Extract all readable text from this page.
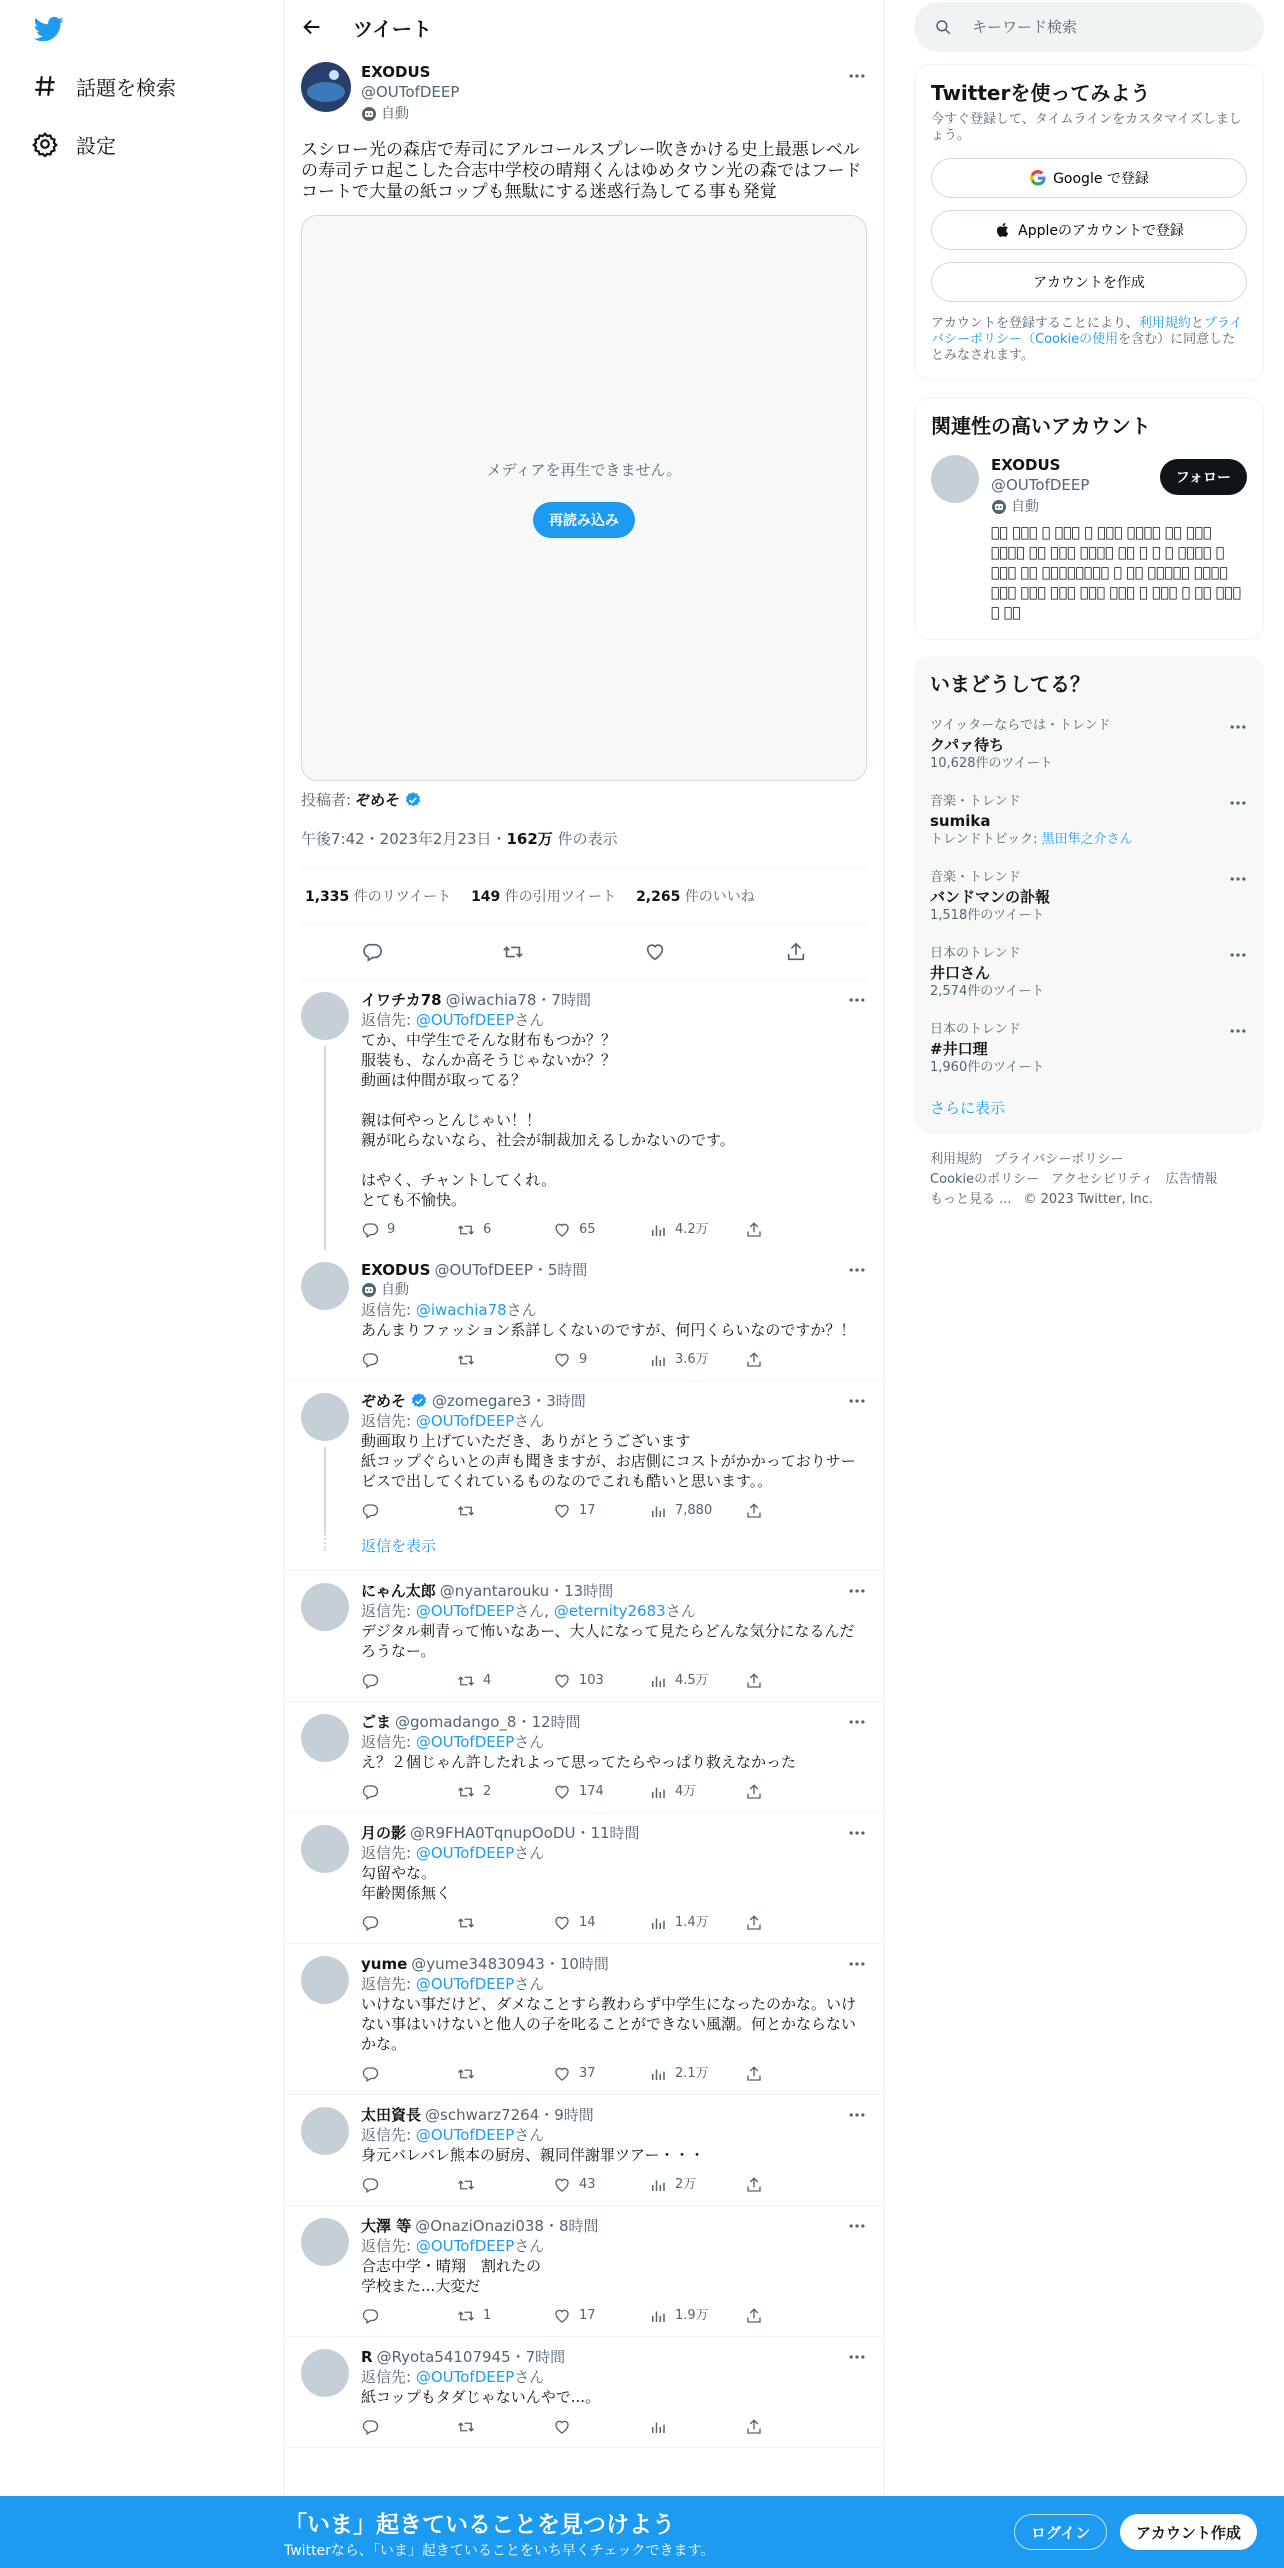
話題を検索
設定
ツイート
EXODUS
@OUTofDEEP
自動
スシロー光の森店で寿司にアルコールスプレー吹きかける史上最悪レベルの寿司テロ起こした合志中学校の晴翔くんはゆめタウン光の森ではフードコートで大量の紙コップも無駄にする迷惑行為してる事も発覚
メディアを再生できません。
再読み込み
投稿者: ぞめそ
午後7:42・2023年2月23日・162万 件の表示
1,335 件のリツイート 149 件の引用ツイート 2,265 件のいいね
イワチカ78 @iwachia78 ・7時間
返信先: @OUTofDEEPさん
てか、中学生でそんな財布もつか？？
服装も、なんか高そうじゃないか？？
動画は仲間が取ってる？

親は何やっとんじゃい！！
親が叱らないなら、社会が制裁加えるしかないのです。

はやく、チャントしてくれ。
とても不愉快。
9	6	65	4.2万
EXODUS @OUTofDEEP ・5時間
自動
返信先: @iwachia78さん
あんまりファッション系詳しくないのですが、何円くらいなのですか？！
9	3.6万
ぞめそ @zomegare3 ・3時間
返信先: @OUTofDEEPさん
動画取り上げていただき、ありがとうございます
紙コップぐらいとの声も聞きますが、お店側にコストがかかっておりサービスで出してくれているものなのでこれも酷いと思います。。
17	7,880
返信を表示
にゃん太郎 @nyantarouku ・13時間
返信先: @OUTofDEEPさん, @eternity2683さん
デジタル刺青って怖いなあー、大人になって見たらどんな気分になるんだろうなー。
4	103	4.5万
ごま @gomadango_8 ・12時間
返信先: @OUTofDEEPさん
え？２個じゃん許したれよって思ってたらやっぱり救えなかった
2	174	4万
月の影 @R9FHA0TqnupOoDU ・11時間
返信先: @OUTofDEEPさん
勾留やな。
年齢関係無く
14	1.4万
yume @yume34830943 ・10時間
返信先: @OUTofDEEPさん
いけない事だけど、ダメなことすら教わらず中学生になったのかな。いけない事はいけないと他人の子を叱ることができない風潮。何とかならないかな。
37	2.1万
太田資長 @schwarz7264 ・9時間
返信先: @OUTofDEEPさん
身元バレバレ熊本の厨房、親同伴謝罪ツアー・・・
43	2万
大澤 等 @OnaziOnazi038 ・8時間
返信先: @OUTofDEEPさん
合志中学・晴翔　割れたの
学校また...大変だ
1	17	1.9万
R @Ryota54107945 ・7時間
返信先: @OUTofDEEPさん
紙コップもタダじゃないんやで...。
キーワード検索
Twitterを使ってみよう
今すぐ登録して、タイムラインをカスタマイズしましょう。
Google で登録
Appleのアカウントで登録
アカウントを作成
アカウントを登録することにより、利用規約とプライバシーポリシー（Cookieの使用を含む）に同意したとみなされます。
関連性の高いアカウント
EXODUS
@OUTofDEEP
自動
フォロー
􀀀􀀀 􀀀􀀀􀀀 􀀀 􀀀􀀀􀀀 􀀀 􀀀􀀀􀀀 􀀀􀀀􀀀􀀀 􀀀􀀀 􀀀􀀀􀀀 􀀀􀀀􀀀􀀀 􀀀􀀀 􀀀􀀀􀀀 􀀀􀀀􀀀􀀀 􀀀􀀀 􀀀 􀀀 􀀀 􀀀􀀀􀀀􀀀 􀀀 􀀀􀀀􀀀 􀀀􀀀 􀀀􀀀􀀀􀀀􀀀􀀀􀀀􀀀 􀀀 􀀀􀀀 􀀀􀀀􀀀􀀀􀀀 􀀀􀀀􀀀􀀀 􀀀􀀀􀀀 􀀀􀀀􀀀 􀀀􀀀􀀀 􀀀􀀀􀀀 􀀀􀀀􀀀 􀀀 􀀀􀀀􀀀 􀀀 􀀀􀀀 􀀀􀀀􀀀 􀀀 􀀀􀀀
いまどうしてる？
ツイッターならでは・トレンド
クパァ待ち
10,628件のツイート
音楽・トレンド
sumika
トレンドトピック: 黒田隼之介さん
音楽・トレンド
バンドマンの訃報
1,518件のツイート
日本のトレンド
井口さん
2,574件のツイート
日本のトレンド
#井口理
1,960件のツイート
さらに表示
利用規約 プライバシーポリシー
Cookieのポリシー アクセシビリティ 広告情報
もっと見る ... © 2023 Twitter, Inc.
「いま」起きていることを見つけよう
Twitterなら、「いま」起きていることをいち早くチェックできます。
ログイン	アカウント作成
